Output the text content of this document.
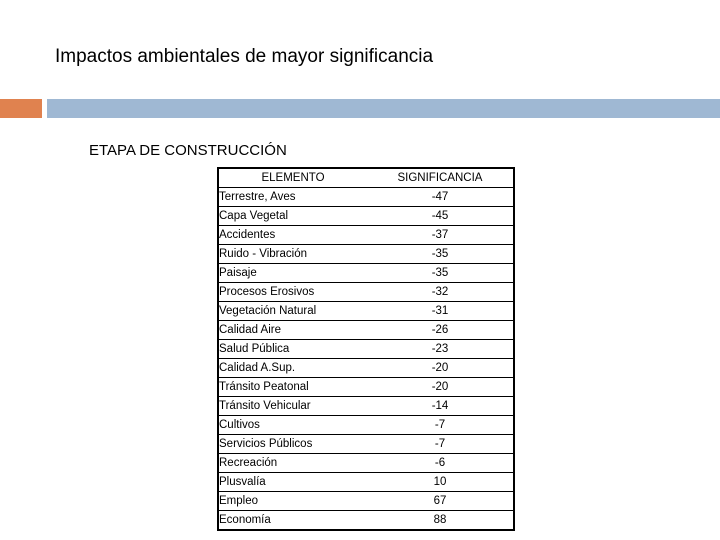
Impactos ambientales de mayor significancia
ETAPA DE CONSTRUCCIÓN
ELEMENTO	SIGNIFICANCIA
Terrestre, Aves	-47
Capa Vegetal	-45
Accidentes	-37
Ruido - Vibración	-35
Paisaje	-35
Procesos Erosivos	-32
Vegetación Natural	-31
Calidad Aire	-26
Salud Pública	-23
Calidad A.Sup.	-20
Tránsito Peatonal	-20
Tránsito Vehicular	-14
Cultivos	-7
Servicios Públicos	-7
Recreación	-6
Plusvalía	10
Empleo	67
Economía	88
